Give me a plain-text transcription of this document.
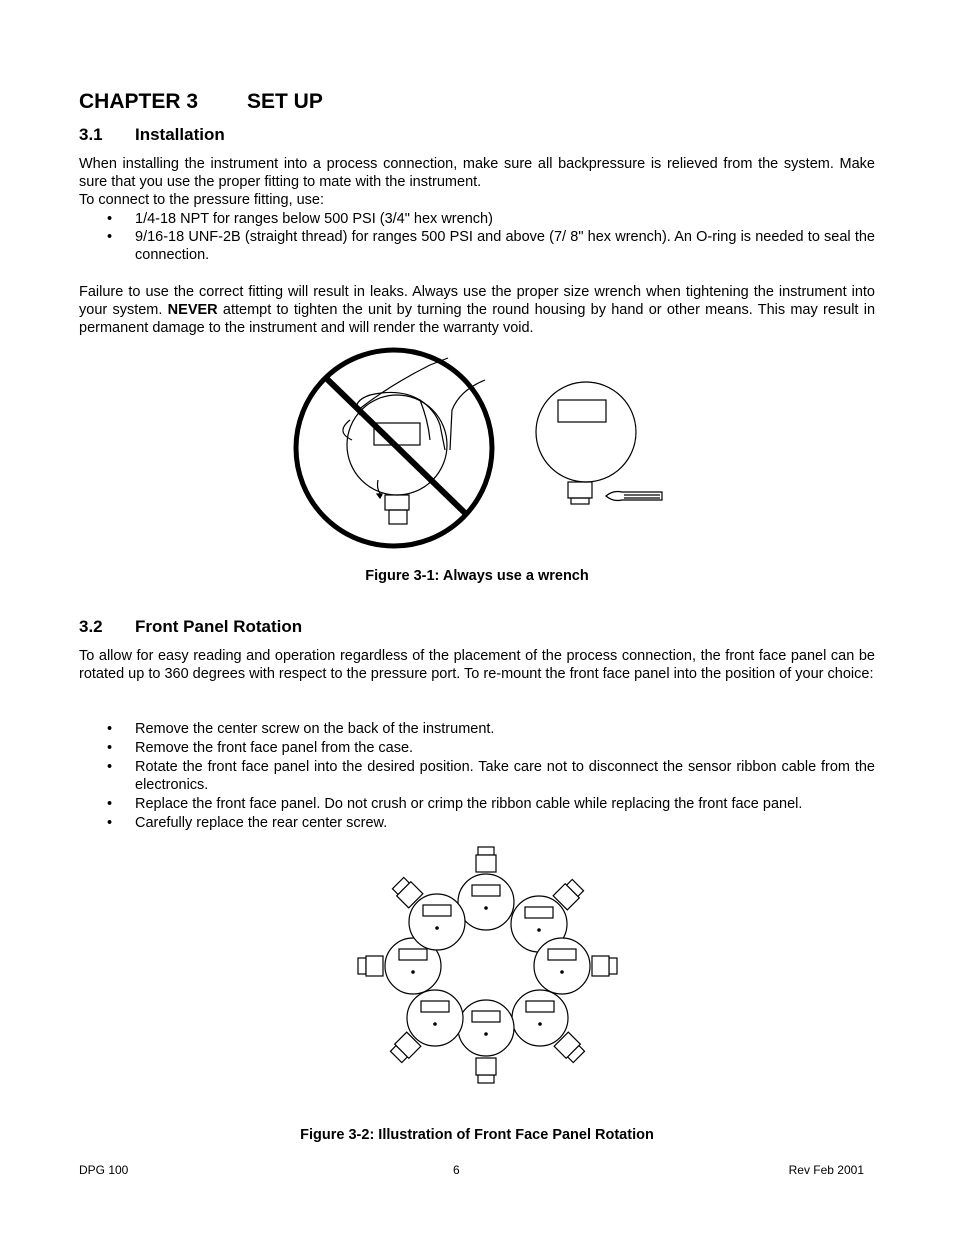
CHAPTER 3 SET UP
3.1 Installation

When installing the instrument into a process connection, make sure all backpressure is relieved from the system. Make sure that you use the proper fitting to mate with the instrument.

To connect to the pressure fitting, use:

• 1/4-18 NPT for ranges below 500 PSI (3/4" hex wrench)
• 9/16-18 UNF-2B (straight thread) for ranges 500 PSI and above (7/ 8" hex wrench). An O-ring is needed to seal the connection.

Failure to use the correct fitting will result in leaks. Always use the proper size wrench when tightening the instrument into your system. NEVER attempt to tighten the unit by turning the round housing by hand or other means. This may result in permanent damage to the instrument and will render the warranty void.

Figure 3-1: Always use a wrench
3.2 Front Panel Rotation

To allow for easy reading and operation regardless of the placement of the process connection, the front face panel can be rotated up to 360 degrees with respect to the pressure port. To re-mount the front face panel into the position of your choice:

• Remove the center screw on the back of the instrument.
• Remove the front face panel from the case.
• Rotate the front face panel into the desired position. Take care not to disconnect the sensor ribbon cable from the electronics.
• Replace the front face panel. Do not crush or crimp the ribbon cable while replacing the front face panel.
• Carefully replace the rear center screw.
Figure 3-2: Illustration of Front Face Panel Rotation
DPG 100	6	Rev Feb 2001
